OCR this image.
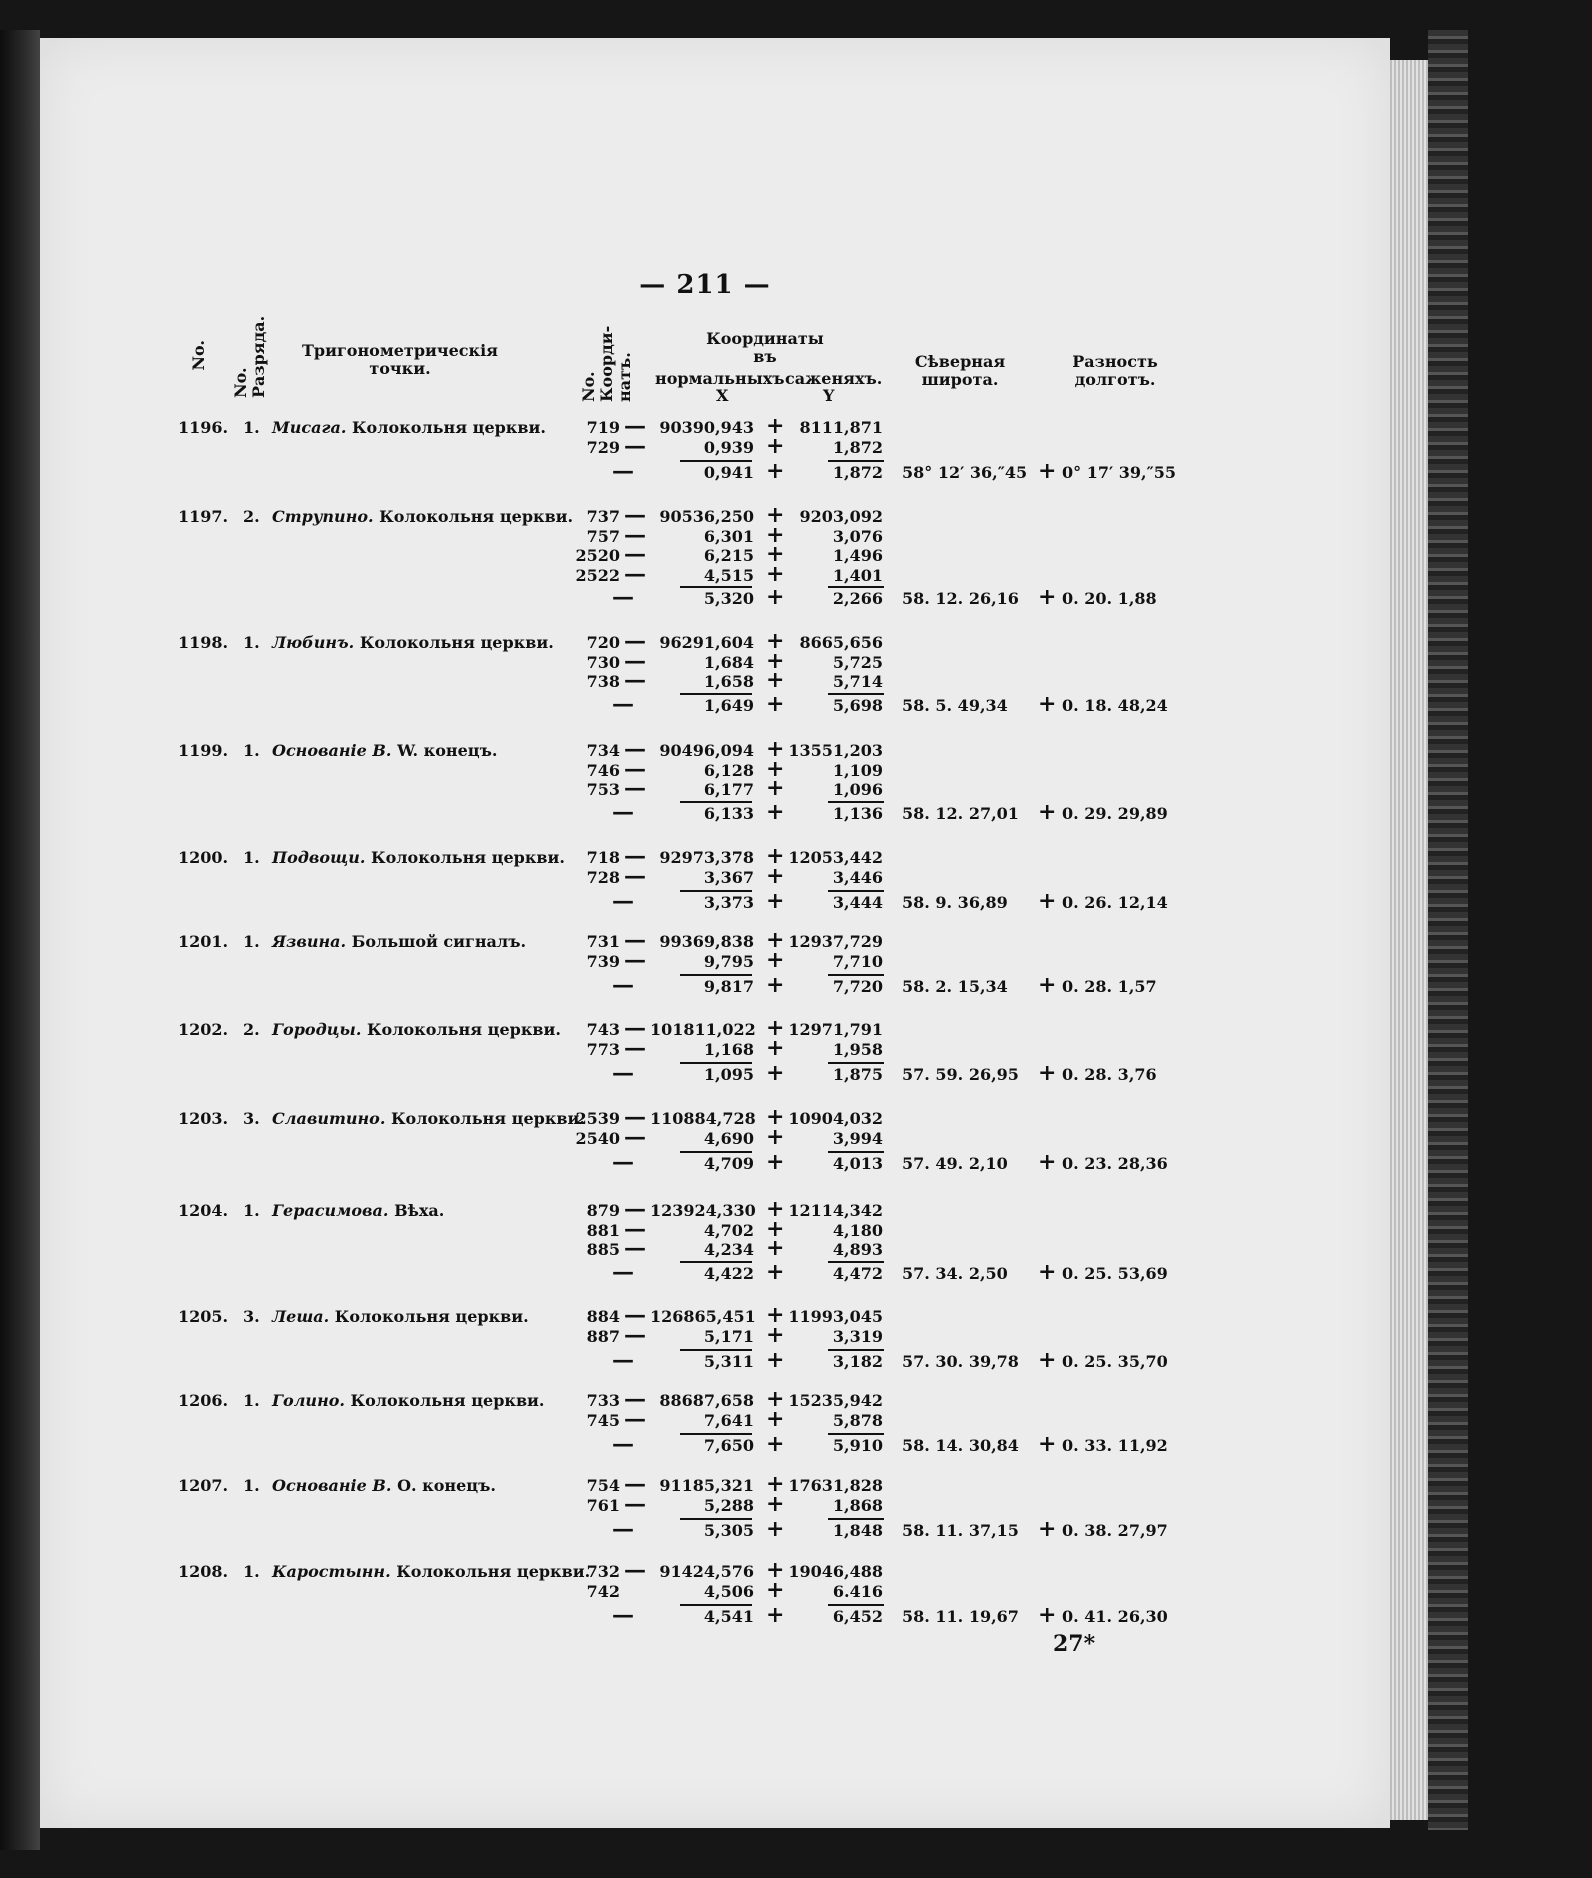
— 211 —
No.
No. Разряда. Тригонометрическія точки.
No. Коорди-натъ.
Координаты въ
нормальныхъ
X
саженяхъ.
Y
Сѣверная широта.
Разность долготъ.
1196. 1. Мисага. Колокольня церкви.	719 — 90390,943 + 8111,871
729 —	0,939 +	1,872
—	0,941 +	1,872 58° 12′ 36,″45 + 0° 17′ 39,″55
1197. 2. Струпино. Колокольня церкви. 737 — 90536,250 + 9203,092
757 —	6,301 +	3,076
2520 —	6,215 +	1,496
2522 —	4,515 +	1,401
—	5,320 +	2,266 58. 12. 26,16 + 0. 20. 1,88
1198. 1. Любинъ. Колокольня церкви.	720 — 96291,604 + 8665,656
730 —	1,684 +	5,725
738 —	1,658 +	5,714
—	1,649 +	5,698 58. 5. 49,34 + 0. 18. 48,24
1199. 1. Основаніе В. W. конецъ.	734 — 90496,094 + 13551,203
746 —	6,128 +	1,109
753 —	6,177 +	1,096
—	6,133 +	1,136 58. 12. 27,01 + 0. 29. 29,89
1200. 1. Подвощи. Колокольня церкви.	718 — 92973,378 + 12053,442
728 —	3,367 +	3,446
—	3,373 +	3,444 58. 9. 36,89 + 0. 26. 12,14
1201. 1. Язвина. Большой сигналъ.	731 — 99369,838 + 12937,729
739 —	9,795 +	7,710
—	9,817 +	7,720 58. 2. 15,34 + 0. 28. 1,57
1202. 2. Городцы. Колокольня церкви.	743 — 101811,022 + 12971,791
773 —	1,168 +	1,958
—	1,095 +	1,875 57. 59. 26,95 + 0. 28. 3,76
1203. 3. Славитино. Колокольня церкви.
2539 — 110884,728 + 10904,032
2540 —	4,690 +	3,994
—	4,709 +	4,013 57. 49. 2,10 + 0. 23. 28,36
1204. 1. Герасимова. Вѣха.	879 — 123924,330 + 12114,342
881 —	4,702 +	4,180
885 —	4,234 +	4,893
—	4,422 +	4,472 57. 34. 2,50 + 0. 25. 53,69
1205. 3. Леша. Колокольня церкви.	884 — 126865,451 + 11993,045
887 —	5,171 +	3,319
—	5,311 +	3,182 57. 30. 39,78 + 0. 25. 35,70
1206. 1. Голино. Колокольня церкви.	733 — 88687,658 + 15235,942
745 —	7,641 +	5,878
—	7,650 +	5,910 58. 14. 30,84 + 0. 33. 11,92
1207. 1. Основаніе В. О. конецъ.	754 — 91185,321 + 17631,828
761 —	5,288 +	1,868
—	5,305 +	1,848 58. 11. 37,15 + 0. 38. 27,97
1208. 1. Каростынн. Колокольня церкви.
732 — 91424,576 + 19046,488
742	4,506 +	6.416
—	4,541 +	6,452 58. 11. 19,67 + 0. 41. 26,30
27*
